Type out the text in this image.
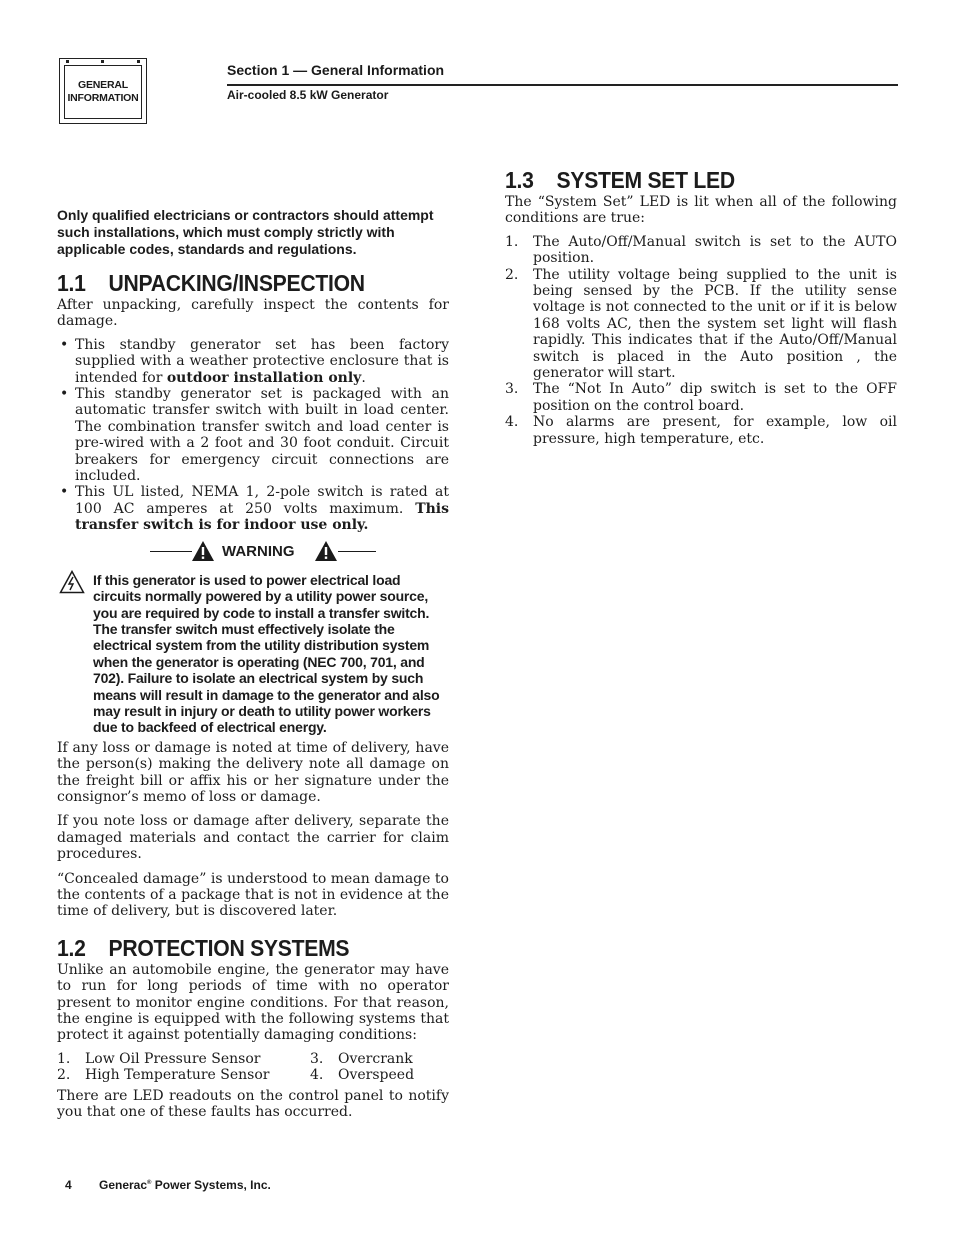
GENERAL
INFORMATION
Section 1 — General Information
Air-cooled 8.5 kW Generator

Only qualified electricians or contractors should attempt such installations, which must comply strictly with applicable codes, standards and regulations.

1.1 UNPACKING/INSPECTION

After unpacking, carefully inspect the contents for damage.

• This standby generator set has been factory supplied with a weather protective enclosure that is intended for outdoor installation only.
• This standby generator set is packaged with an automatic transfer switch with built in load center. The combination transfer switch and load center is pre-wired with a 2 foot and 30 foot conduit. Circuit breakers for emergency circuit connections are included.
• This UL listed, NEMA 1, 2-pole switch is rated at 100 AC amperes at 250 volts maximum. This transfer switch is for indoor use only.
WARNING
If this generator is used to power electrical load circuits normally powered by a utility power source, you are required by code to install a transfer switch. The transfer switch must effectively isolate the electrical system from the utility distribution system when the generator is operating (NEC 700, 701, and 702). Failure to isolate an electrical system by such means will result in damage to the generator and also may result in injury or death to utility power workers due to backfeed of electrical energy.

If any loss or damage is noted at time of delivery, have the person(s) making the delivery note all damage on the freight bill or affix his or her signature under the consignor’s memo of loss or damage.

If you note loss or damage after delivery, separate the damaged materials and contact the carrier for claim procedures.

“Concealed damage” is understood to mean damage to the contents of a package that is not in evidence at the time of delivery, but is discovered later.

1.2 PROTECTION SYSTEMS

Unlike an automobile engine, the generator may have to run for long periods of time with no operator present to monitor engine conditions. For that reason, the engine is equipped with the following systems that protect it against potentially damaging conditions:

1. Low Oil Pressure Sensor
2. High Temperature Sensor
3. Overcrank
4. Overspeed

There are LED readouts on the control panel to notify you that one of these faults has occurred.

1.3 SYSTEM SET LED

The “System Set” LED is lit when all of the following conditions are true:

1. The Auto/Off/Manual switch is set to the AUTO position.
2. The utility voltage being supplied to the unit is being sensed by the PCB. If the utility sense voltage is not connected to the unit or if it is below 168 volts AC, then the system set light will flash rapidly. This indicates that if the Auto/Off/Manual switch is placed in the Auto position , the generator will start.
3. The “Not In Auto” dip switch is set to the OFF position on the control board.
4. No alarms are present, for example, low oil pressure, high temperature, etc.
4 Generac® Power Systems, Inc.
